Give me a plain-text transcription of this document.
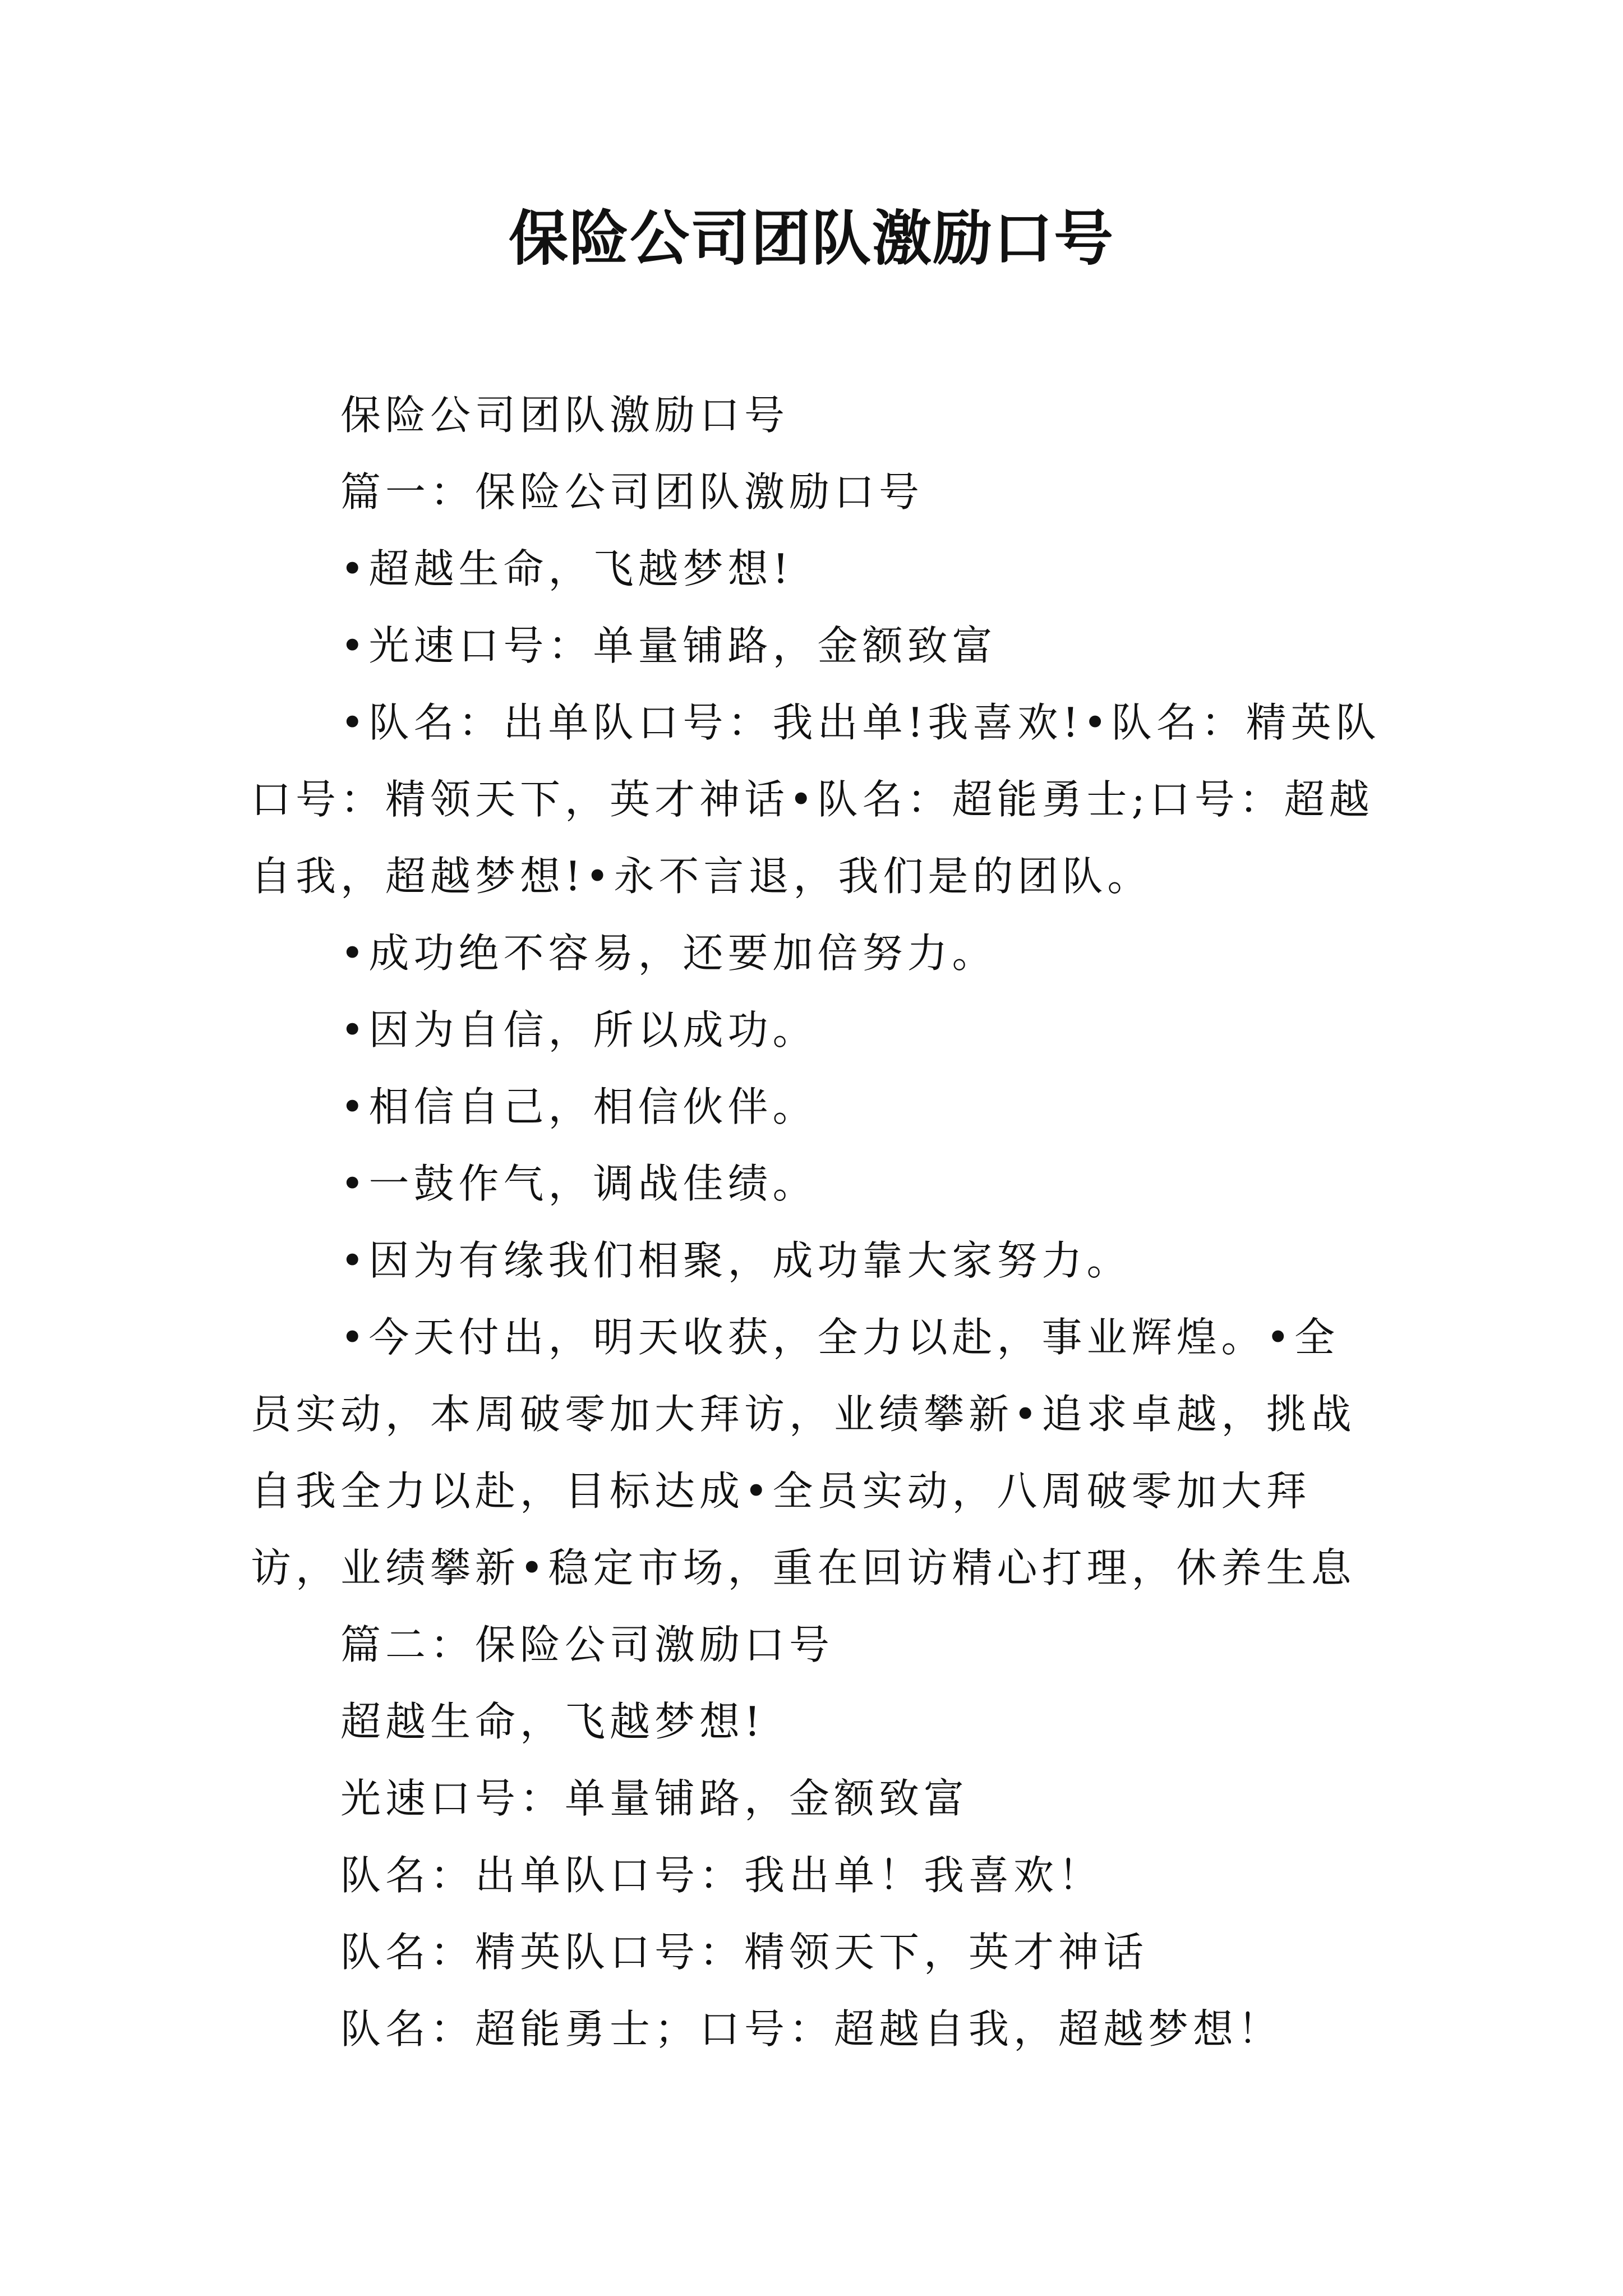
保险公司团队激励口号

保险公司团队激励口号

篇一：保险公司团队激励口号

•超越生命，飞越梦想!

•光速口号：单量铺路，金额致富

•队名：出单队口号：我出单!我喜欢!•队名：精英队口号：精领天下，英才神话•队名：超能勇士;口号：超越自我，超越梦想!•永不言退，我们是的团队。

•成功绝不容易，还要加倍努力。

•因为自信，所以成功。

•相信自己，相信伙伴。

•一鼓作气，调战佳绩。

•因为有缘我们相聚，成功靠大家努力。

•今天付出，明天收获，全力以赴，事业辉煌。•全员实动，本周破零加大拜访，业绩攀新•追求卓越，挑战自我全力以赴，目标达成•全员实动，八周破零加大拜访，业绩攀新•稳定市场，重在回访精心打理，休养生息

篇二：保险公司激励口号

超越生命，飞越梦想!

光速口号：单量铺路，金额致富

队名：出单队口号：我出单！我喜欢！

队名：精英队口号：精领天下，英才神话

队名：超能勇士；口号：超越自我，超越梦想！
